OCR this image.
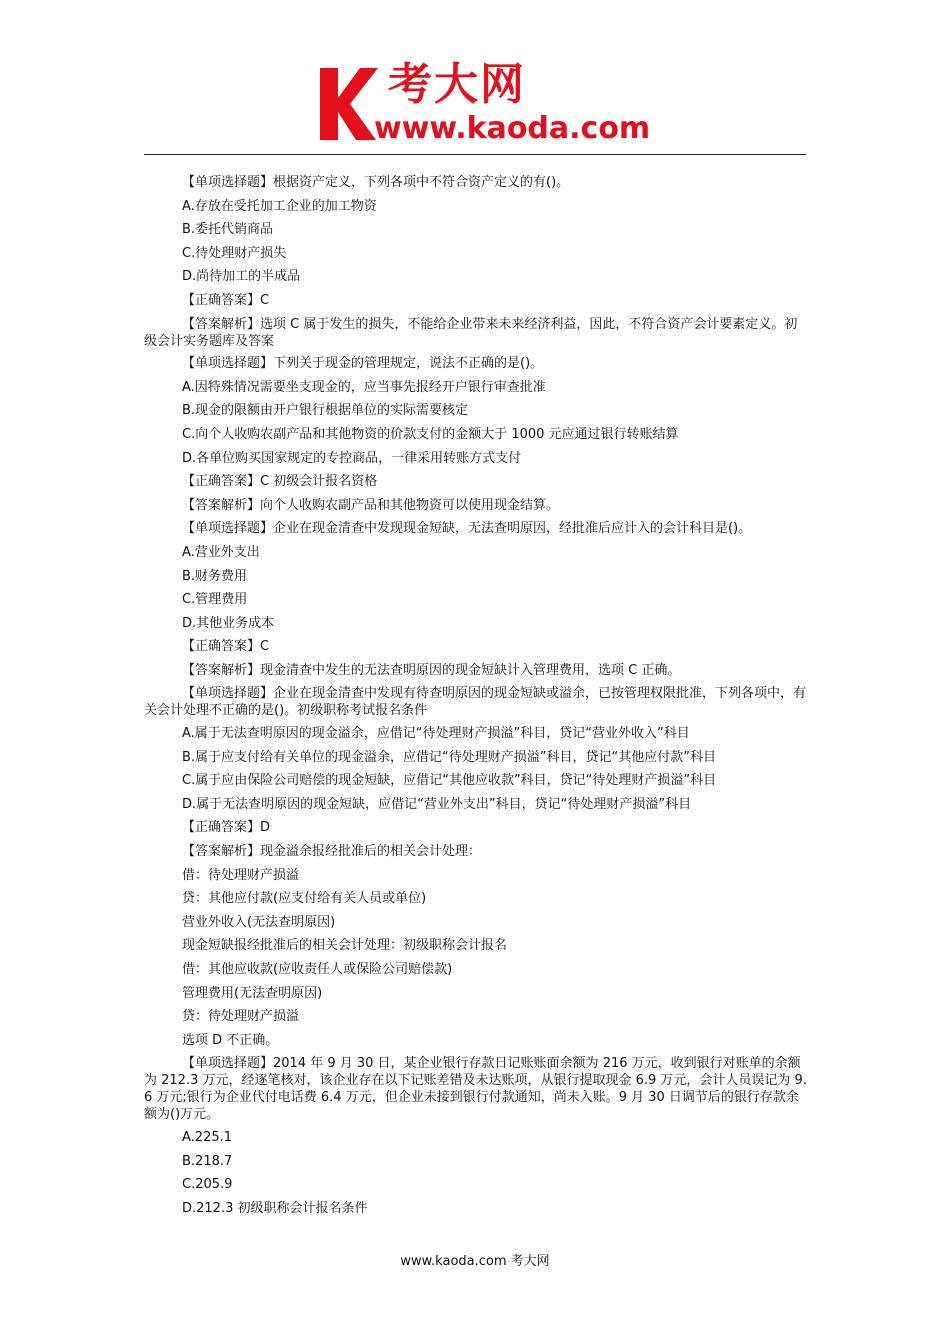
考大网
www.kaoda.com
【单项选择题】根据资产定义，下列各项中不符合资产定义的有()。
A.存放在受托加工企业的加工物资
B.委托代销商品
C.待处理财产损失
D.尚待加工的半成品
【正确答案】C
【答案解析】选项 C 属于发生的损失，不能给企业带来未来经济利益，因此，不符合资产会计要素定义。初级会计实务题库及答案
【单项选择题】下列关于现金的管理规定，说法不正确的是()。
A.因特殊情况需要坐支现金的，应当事先报经开户银行审查批准
B.现金的限额由开户银行根据单位的实际需要核定
C.向个人收购农副产品和其他物资的价款支付的金额大于 1000 元应通过银行转账结算
D.各单位购买国家规定的专控商品，一律采用转账方式支付
【正确答案】C 初级会计报名资格
【答案解析】向个人收购农副产品和其他物资可以使用现金结算。
【单项选择题】企业在现金清查中发现现金短缺，无法查明原因，经批准后应计入的会计科目是()。
A.营业外支出
B.财务费用
C.管理费用
D.其他业务成本
【正确答案】C
【答案解析】现金清查中发生的无法查明原因的现金短缺计入管理费用，选项 C 正确。
【单项选择题】企业在现金清查中发现有待查明原因的现金短缺或溢余，已按管理权限批准，下列各项中，有关会计处理不正确的是()。初级职称考试报名条件
A.属于无法查明原因的现金溢余，应借记“待处理财产损溢”科目，贷记“营业外收入”科目
B.属于应支付给有关单位的现金溢余，应借记“待处理财产损溢”科目，贷记“其他应付款”科目
C.属于应由保险公司赔偿的现金短缺，应借记“其他应收款”科目，贷记“待处理财产损溢”科目
D.属于无法查明原因的现金短缺，应借记“营业外支出”科目，贷记“待处理财产损溢”科目
【正确答案】D
【答案解析】现金溢余报经批准后的相关会计处理：
借：待处理财产损溢
贷：其他应付款(应支付给有关人员或单位)
营业外收入(无法查明原因)
现金短缺报经批准后的相关会计处理：初级职称会计报名
借：其他应收款(应收责任人或保险公司赔偿款)
管理费用(无法查明原因)
贷：待处理财产损溢
选项 D 不正确。
【单项选择题】2014 年 9 月 30 日，某企业银行存款日记账账面余额为 216 万元，收到银行对账单的余额为 212.3 万元，经逐笔核对，该企业存在以下记账差错及未达账项，从银行提取现金 6.9 万元，会计人员误记为 9.6 万元;银行为企业代付电话费 6.4 万元，但企业未接到银行付款通知，尚未入账。9 月 30 日调节后的银行存款余额为()万元。
A.225.1
B.218.7
C.205.9
D.212.3 初级职称会计报名条件
www.kaoda.com 考大网
